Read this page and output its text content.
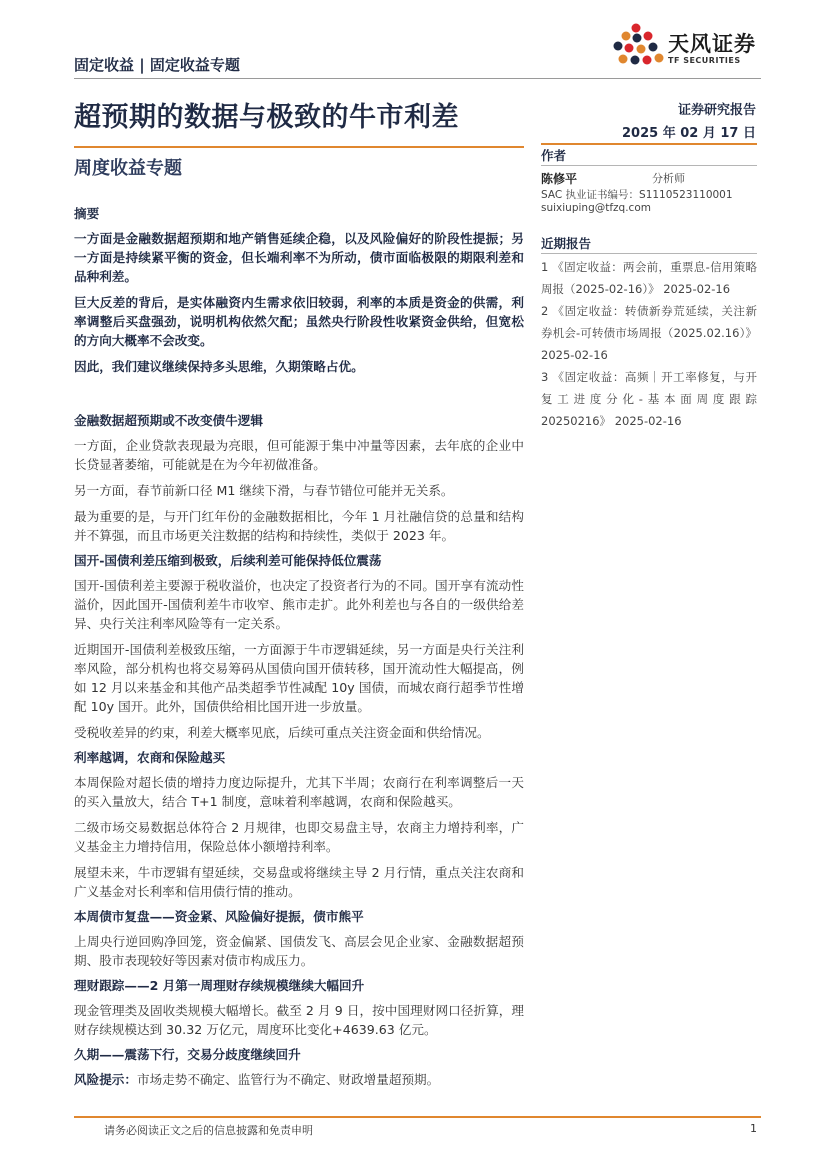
固定收益 | 固定收益专题
天风证券
TF SECURITIES
超预期的数据与极致的牛市利差	证券研究报告
2025 年 02 月 17 日
周度收益专题
作者
陈修平	分析师
SAC 执业证书编号：S1110523110001
suixiuping@tfzq.com
近期报告
1 《固定收益：两会前，重票息-信用策略周报（2025-02-16）》 2025-02-16
2 《固定收益：转债新券荒延续，关注新券机会-可转债市场周报（2025.02.16）》 2025-02-16
3 《固定收益：高频｜开工率修复，与开复工进度分化-基本面周度跟踪20250216》 2025-02-16
摘要

一方面是金融数据超预期和地产销售延续企稳，以及风险偏好的阶段性提振；另一方面是持续紧平衡的资金，但长端利率不为所动，债市面临极限的期限利差和品种利差。

巨大反差的背后，是实体融资内生需求依旧较弱，利率的本质是资金的供需，利率调整后买盘强劲，说明机构依然欠配；虽然央行阶段性收紧资金供给，但宽松的方向大概率不会改变。

因此，我们建议继续保持多头思维，久期策略占优。

金融数据超预期或不改变债牛逻辑

一方面，企业贷款表现最为亮眼，但可能源于集中冲量等因素，去年底的企业中长贷显著萎缩，可能就是在为今年初做准备。

另一方面，春节前新口径 M1 继续下滑，与春节错位可能并无关系。

最为重要的是，与开门红年份的金融数据相比，今年 1 月社融信贷的总量和结构并不算强，而且市场更关注数据的结构和持续性，类似于 2023 年。

国开-国债利差压缩到极致，后续利差可能保持低位震荡

国开-国债利差主要源于税收溢价，也决定了投资者行为的不同。国开享有流动性溢价，因此国开-国债利差牛市收窄、熊市走扩。此外利差也与各自的一级供给差异、央行关注利率风险等有一定关系。

近期国开-国债利差极致压缩，一方面源于牛市逻辑延续，另一方面是央行关注利率风险，部分机构也将交易筹码从国债向国开债转移，国开流动性大幅提高，例如 12 月以来基金和其他产品类超季节性减配 10y 国债，而城农商行超季节性增配 10y 国开。此外，国债供给相比国开进一步放量。

受税收差异的约束，利差大概率见底，后续可重点关注资金面和供给情况。

利率越调，农商和保险越买

本周保险对超长债的增持力度边际提升，尤其下半周；农商行在利率调整后一天的买入量放大，结合 T+1 制度，意味着利率越调，农商和保险越买。

二级市场交易数据总体符合 2 月规律，也即交易盘主导，农商主力增持利率，广义基金主力增持信用，保险总体小额增持利率。

展望未来，牛市逻辑有望延续，交易盘或将继续主导 2 月行情，重点关注农商和广义基金对长利率和信用债行情的推动。

本周债市复盘——资金紧、风险偏好提振，债市熊平

上周央行逆回购净回笼，资金偏紧、国债发飞、高层会见企业家、金融数据超预期、股市表现较好等因素对债市构成压力。

理财跟踪——2 月第一周理财存续规模继续大幅回升

现金管理类及固收类规模大幅增长。截至 2 月 9 日，按中国理财网口径折算，理财存续规模达到 30.32 万亿元，周度环比变化+4639.63 亿元。

久期——震荡下行，交易分歧度继续回升

风险提示：市场走势不确定、监管行为不确定、财政增量超预期。

请务必阅读正文之后的信息披露和免责申明	1
